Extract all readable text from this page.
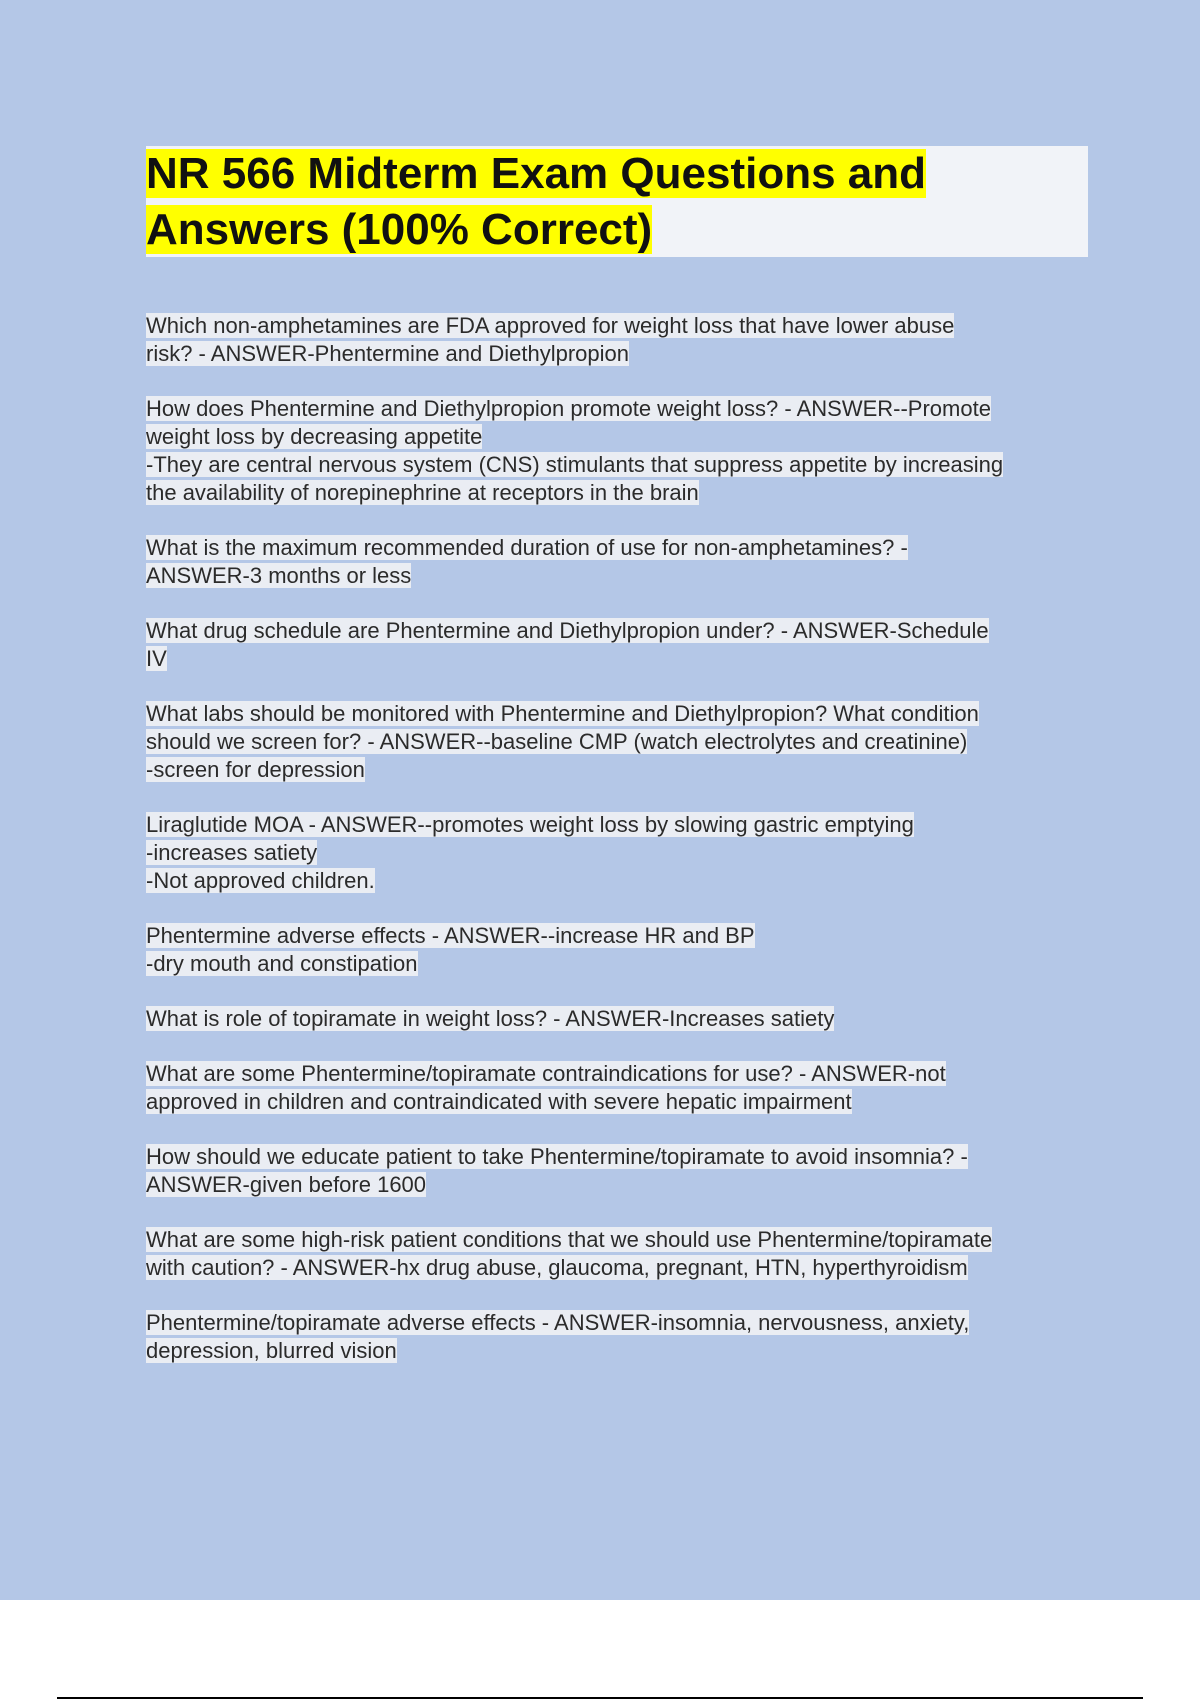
NR 566 Midterm Exam Questions and
Answers (100% Correct)
Which non-amphetamines are FDA approved for weight loss that have lower abuse
risk? - ANSWER-Phentermine and Diethylpropion
How does Phentermine and Diethylpropion promote weight loss? - ANSWER--Promote
weight loss by decreasing appetite
-They are central nervous system (CNS) stimulants that suppress appetite by increasing
the availability of norepinephrine at receptors in the brain
What is the maximum recommended duration of use for non-amphetamines? -
ANSWER-3 months or less
What drug schedule are Phentermine and Diethylpropion under? - ANSWER-Schedule
IV
What labs should be monitored with Phentermine and Diethylpropion? What condition
should we screen for? - ANSWER--baseline CMP (watch electrolytes and creatinine)
-screen for depression
Liraglutide MOA - ANSWER--promotes weight loss by slowing gastric emptying
-increases satiety
-Not approved children.
Phentermine adverse effects - ANSWER--increase HR and BP
-dry mouth and constipation
What is role of topiramate in weight loss? - ANSWER-Increases satiety
What are some Phentermine/topiramate contraindications for use? - ANSWER-not
approved in children and contraindicated with severe hepatic impairment
How should we educate patient to take Phentermine/topiramate to avoid insomnia? -
ANSWER-given before 1600
What are some high-risk patient conditions that we should use Phentermine/topiramate
with caution? - ANSWER-hx drug abuse, glaucoma, pregnant, HTN, hyperthyroidism
Phentermine/topiramate adverse effects - ANSWER-insomnia, nervousness, anxiety,
depression, blurred vision
